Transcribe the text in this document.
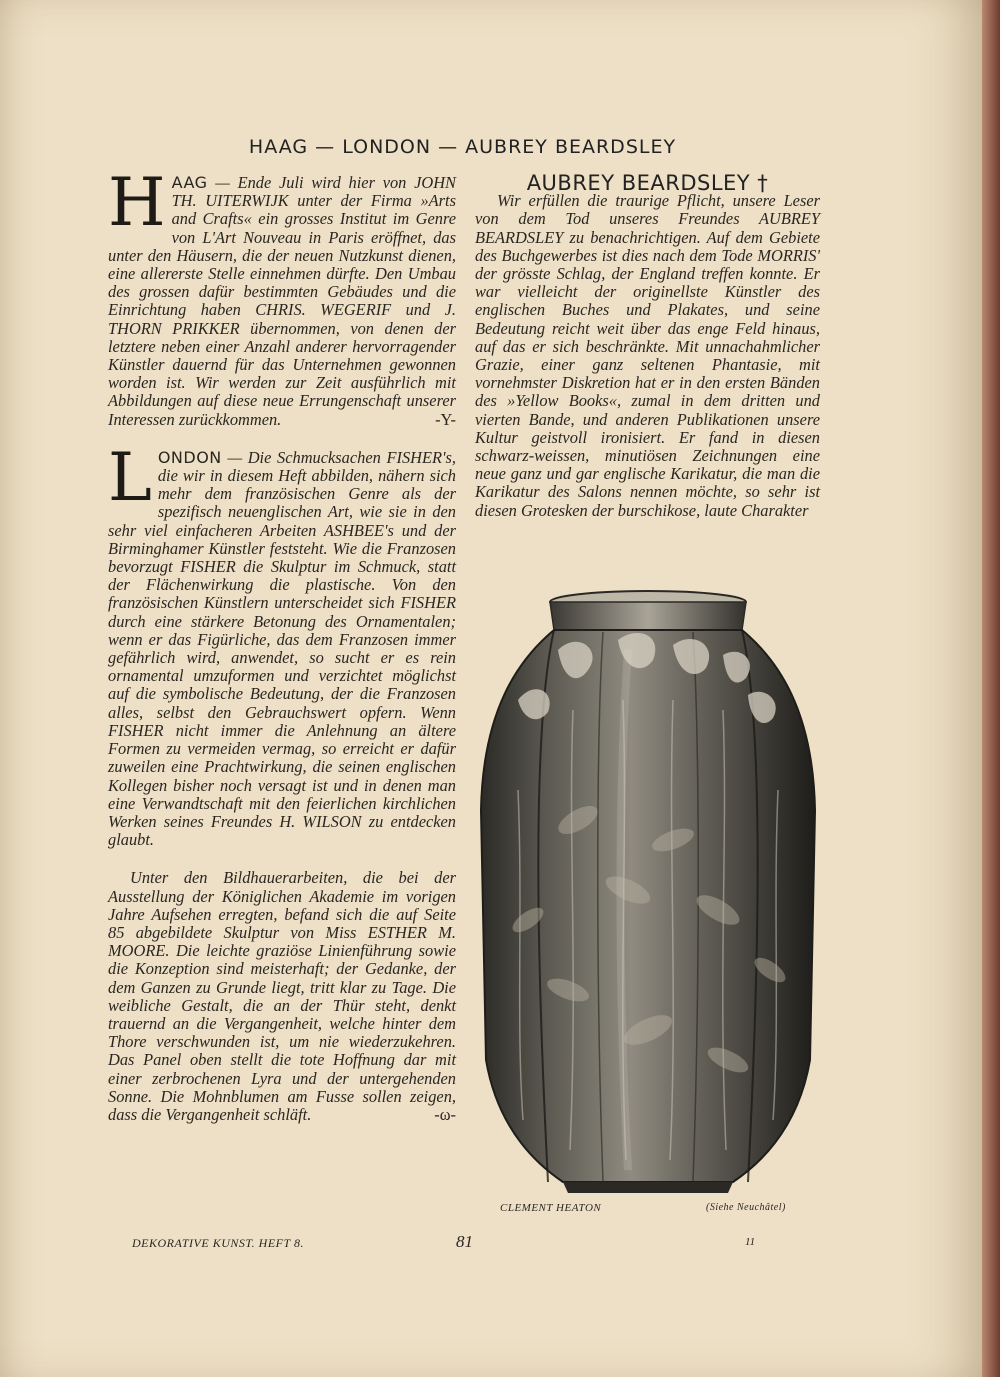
HAAG — LONDON — AUBREY BEARDSLEY

HAAG — Ende Juli wird hier von JOHN TH. UITERWIJK unter der Firma »Arts and Crafts« ein grosses Institut im Genre von L'Art Nouveau in Paris eröffnet, das unter den Häusern, die der neuen Nutzkunst dienen, eine allererste Stelle einnehmen dürfte. Den Umbau des grossen dafür bestimmten Gebäudes und die Einrichtung haben CHRIS. WEGERIF und J. THORN PRIKKER übernommen, von denen der letztere neben einer Anzahl anderer hervorragender Künstler dauernd für das Unternehmen gewonnen worden ist. Wir werden zur Zeit ausführlich mit Abbildungen auf diese neue Errungenschaft unserer Interessen zurückkommen.	-Y-

LONDON — Die Schmucksachen FISHER's, die wir in diesem Heft abbilden, nähern sich mehr dem französischen Genre als der spezifisch neuenglischen Art, wie sie in den sehr viel einfacheren Arbeiten ASHBEE's und der Birminghamer Künstler feststeht. Wie die Franzosen bevorzugt FISHER die Skulptur im Schmuck, statt der Flächenwirkung die plastische. Von den französischen Künstlern unterscheidet sich FISHER durch eine stärkere Betonung des Ornamentalen; wenn er das Figürliche, das dem Franzosen immer gefährlich wird, anwendet, so sucht er es rein ornamental umzuformen und verzichtet möglichst auf die symbolische Bedeutung, der die Franzosen alles, selbst den Gebrauchswert opfern. Wenn FISHER nicht immer die Anlehnung an ältere Formen zu vermeiden vermag, so erreicht er dafür zuweilen eine Prachtwirkung, die seinen englischen Kollegen bisher noch versagt ist und in denen man eine Verwandtschaft mit den feierlichen kirchlichen Werken seines Freundes H. WILSON zu entdecken glaubt.

Unter den Bildhauerarbeiten, die bei der Ausstellung der Königlichen Akademie im vorigen Jahre Aufsehen erregten, befand sich die auf Seite 85 abgebildete Skulptur von Miss ESTHER M. MOORE. Die leichte graziöse Linienführung sowie die Konzeption sind meisterhaft; der Gedanke, der dem Ganzen zu Grunde liegt, tritt klar zu Tage. Die weibliche Gestalt, die an der Thür steht, denkt trauernd an die Vergangenheit, welche hinter dem Thore verschwunden ist, um nie wiederzukehren. Das Panel oben stellt die tote Hoffnung dar mit einer zerbrochenen Lyra und der untergehenden Sonne. Die Mohnblumen am Fusse sollen zeigen, dass die Vergangenheit schläft.	-ω-

AUBREY BEARDSLEY †

Wir erfüllen die traurige Pflicht, unsere Leser von dem Tod unseres Freundes AUBREY BEARDSLEY zu benachrichtigen. Auf dem Gebiete des Buchgewerbes ist dies nach dem Tode MORRIS' der grösste Schlag, der England treffen konnte. Er war vielleicht der originellste Künstler des englischen Buches und Plakates, und seine Bedeutung reicht weit über das enge Feld hinaus, auf das er sich beschränkte. Mit unnachahmlicher Grazie, einer ganz seltenen Phantasie, mit vornehmster Diskretion hat er in den ersten Bänden des »Yellow Books«, zumal in dem dritten und vierten Bande, und anderen Publikationen unsere Kultur geistvoll ironisiert. Er fand in diesen schwarz-weissen, minutiösen Zeichnungen eine neue ganz und gar englische Karikatur, die man die Karikatur des Salons nennen möchte, so sehr ist diesen Grotesken der burschikose, laute Charakter

CLEMENT HEATON	(Siehe Neuchâtel)
DEKORATIVE KUNST. HEFT 8.	81	11
